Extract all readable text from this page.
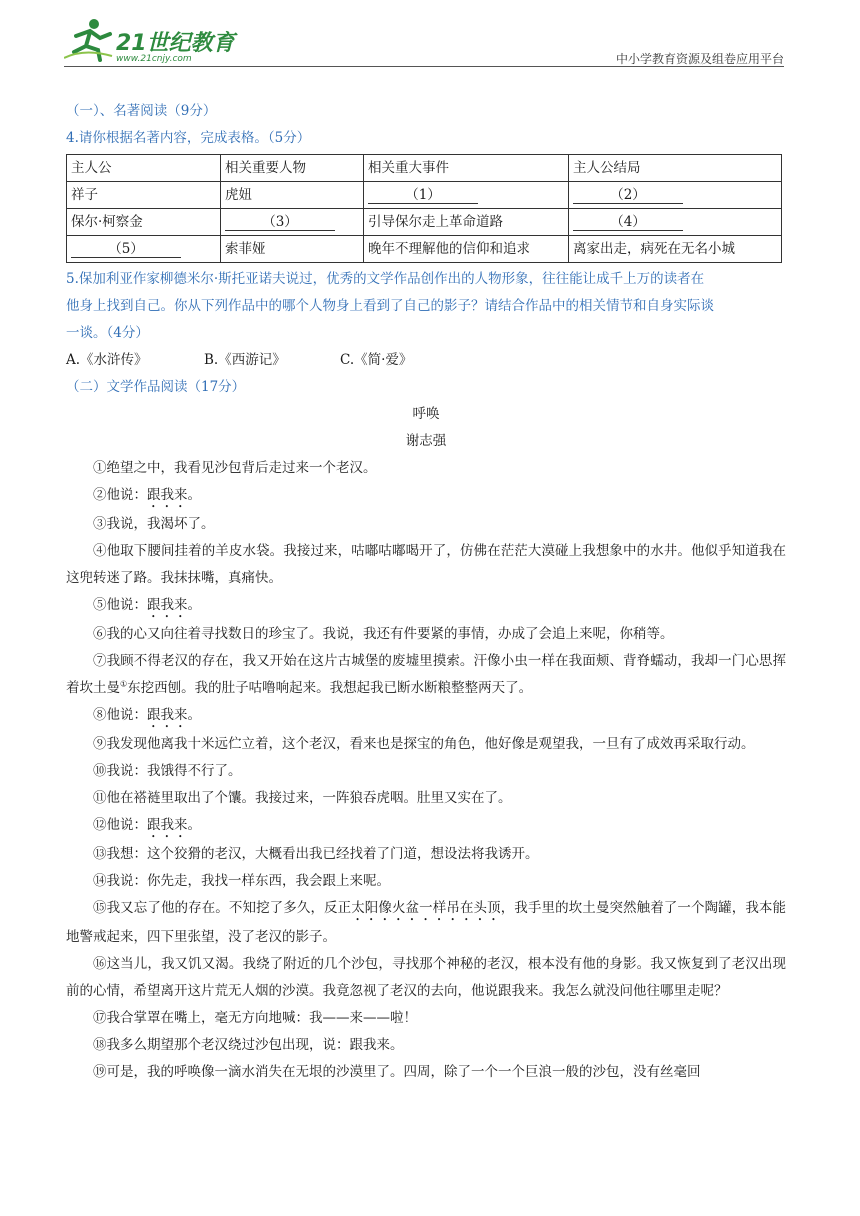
21世纪教育
www.21cnjy.com	中小学教育资源及组卷应用平台
（一）、名著阅读（9分）
4.请你根据名著内容，完成表格。（5分）
主人公	相关重要人物	相关重大事件	主人公结局
祥子	虎妞	（1）	（2）
保尔·柯察金	（3）	引导保尔走上革命道路	（4）
（5）	索菲娅	晚年不理解他的信仰和追求	离家出走，病死在无名小城
5.保加利亚作家柳德米尔·斯托亚诺夫说过，优秀的文学作品创作出的人物形象，往往能让成千上万的读者在
他身上找到自己。你从下列作品中的哪个人物身上看到了自己的影子？请结合作品中的相关情节和自身实际谈
一谈。（4分）
A.《水浒传》	B.《西游记》	C.《简·爱》
（二）文学作品阅读（17分）
呼唤
谢志强
①绝望之中，我看见沙包背后走过来一个老汉。
②他说：跟我来。
③我说，我渴坏了。
④他取下腰间挂着的羊皮水袋。我接过来，咕嘟咕嘟喝开了，仿佛在茫茫大漠碰上我想象中的水井。他似乎知道我在这兜转迷了路。我抹抹嘴，真痛快。
⑤他说：跟我来。
⑥我的心又向往着寻找数日的珍宝了。我说，我还有件要紧的事情，办成了会追上来呢，你稍等。
⑦我顾不得老汉的存在，我又开始在这片古城堡的废墟里摸索。汗像小虫一样在我面颊、背脊蠕动，我却一门心思挥着坎土曼①东挖西刨。我的肚子咕噜响起来。我想起我已断水断粮整整两天了。
⑧他说：跟我来。
⑨我发现他离我十米远伫立着，这个老汉，看来也是探宝的角色，他好像是观望我，一旦有了成效再采取行动。
⑩我说：我饿得不行了。
⑪他在褡裢里取出了个馕。我接过来，一阵狼吞虎咽。肚里又实在了。
⑫他说：跟我来。
⑬我想：这个狡猾的老汉，大概看出我已经找着了门道，想设法将我诱开。
⑭我说：你先走，我找一样东西，我会跟上来呢。
⑮我又忘了他的存在。不知挖了多久，反正太阳像火盆一样吊在头顶，我手里的坎土曼突然触着了一个陶罐，我本能地警戒起来，四下里张望，没了老汉的影子。
⑯这当儿，我又饥又渴。我绕了附近的几个沙包，寻找那个神秘的老汉，根本没有他的身影。我又恢复到了老汉出现前的心情，希望离开这片荒无人烟的沙漠。我竟忽视了老汉的去向，他说跟我来。我怎么就没问他往哪里走呢？
⑰我合掌罩在嘴上，毫无方向地喊：我——来——啦！
⑱我多么期望那个老汉绕过沙包出现，说：跟我来。
⑲可是，我的呼唤像一滴水消失在无垠的沙漠里了。四周，除了一个一个巨浪一般的沙包，没有丝毫回
